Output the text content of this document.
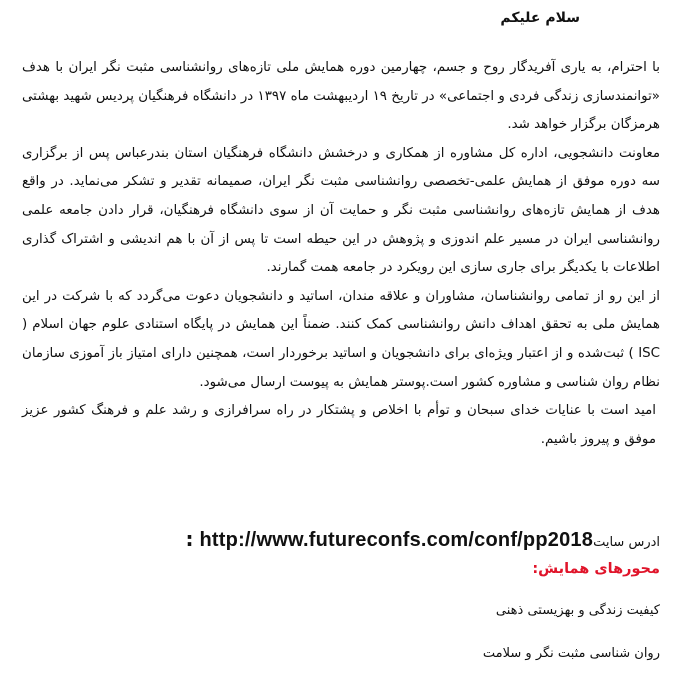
سلام علیکم

با احترام، به یاری آفریدگار روح و جسم، چهارمین دوره همایش ملی تازه‌های روانشناسی مثبت نگر ایران با هدف «توانمندسازی زندگی فردی و اجتماعی» در تاریخ ۱۹ اردیبهشت ماه ۱۳۹۷ در دانشگاه فرهنگیان پردیس شهید بهشتی هرمزگان برگزار خواهد شد.

معاونت دانشجویی، اداره کل مشاوره از همکاری و درخشش دانشگاه فرهنگیان استان بندرعباس پس از برگزاری سه دوره موفق از همایش علمی-تخصصی روانشناسی مثبت نگر ایران، صمیمانه تقدیر و تشکر می‌نماید. در واقع هدف از همایش تازه‌های روانشناسی مثبت نگر و حمایت آن از سوی دانشگاه فرهنگیان، قرار دادن جامعه علمی روانشناسی ایران در مسیر علم اندوزی و پژوهش در این حیطه است تا پس از آن با هم اندیشی و اشتراک گذاری اطلاعات با یکدیگر برای جاری سازی این رویکرد در جامعه همت گمارند.

از این رو از تمامی روانشناسان، مشاوران و علاقه مندان، اساتید و دانشجویان دعوت می‌گردد که با شرکت در این همایش ملی به تحقق اهداف دانش روانشناسی کمک کنند. ضمناً این همایش در پایگاه استنادی علوم جهان اسلام ( ISC ) ثبت‌شده و از اعتبار ویژه‌ای برای دانشجویان و اساتید برخوردار است، همچنین دارای امتیاز باز آموزی سازمان نظام روان شناسی و مشاوره کشور است.پوستر همایش به پیوست ارسال می‌شود.

امید است با عنایات خدای سبحان و توأم با اخلاص و پشتکار در راه سرافرازی و رشد علم و فرهنگ کشور عزیز موفق و پیروز باشیم.

ادرس سایتhttp://www.futureconfs.com/conf/pp2018:
محورهای همایش:
کیفیت زندگی و بهزیستی ذهنی
روان شناسی مثبت نگر و سلامت
